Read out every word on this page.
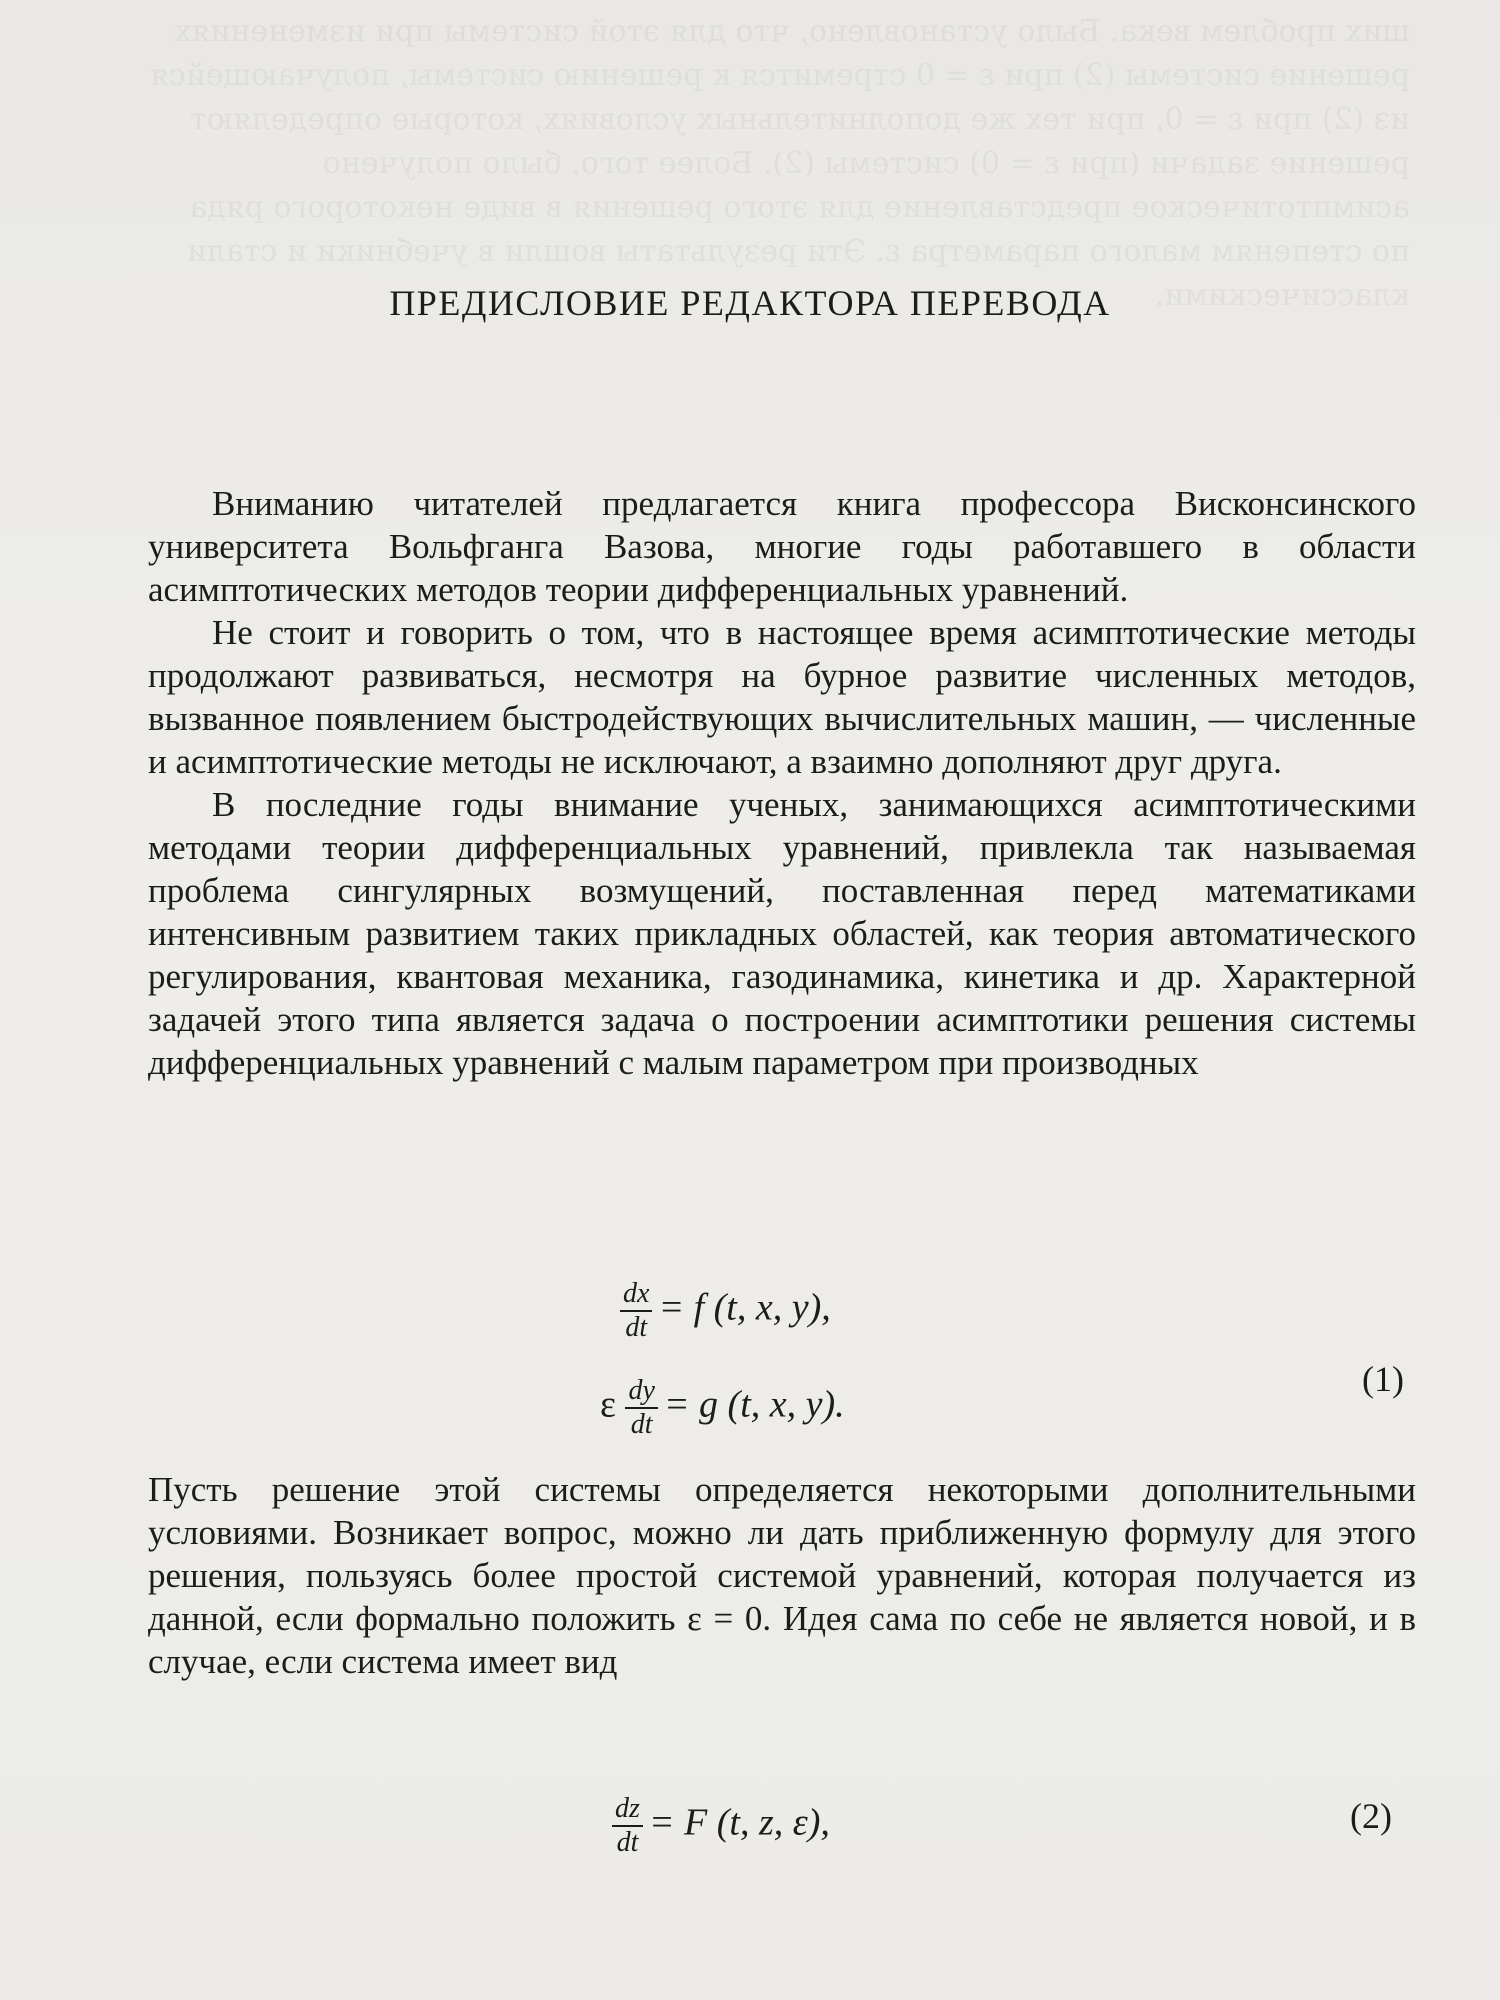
ших проблем века. Было установлено, что для этой системы при изменениях решение системы (2) при ε = 0 стремится к решению системы, получающейся из (2) при ε = 0, при тех же дополнительных условиях, которые определяют решение задачи (при ε = 0) системы (2). Более того, было получено асимптотическое представление для этого решения в виде некоторого ряда по степеням малого параметра ε. Эти результаты вошли в учебники и стали классическими.
ПРЕДИСЛОВИЕ РЕДАКТОРА ПЕРЕВОДА

Вниманию читателей предлагается книга профессора Висконсинского университета Вольфганга Вазова, многие годы работавшего в области асимптотических методов теории дифференциальных уравнений.

Не стоит и говорить о том, что в настоящее время асимптотические методы продолжают развиваться, несмотря на бурное развитие численных методов, вызванное появлением быстродействующих вычислительных машин, — численные и асимптотические методы не исключают, а взаимно дополняют друг друга.

В последние годы внимание ученых, занимающихся асимптотическими методами теории дифференциальных уравнений, привлекла так называемая проблема сингулярных возмущений, поставленная перед математиками интенсивным развитием таких прикладных областей, как теория автоматического регулирования, квантовая механика, газодинамика, кинетика и др. Характерной задачей этого типа является задача о построении асимптотики решения системы дифференциальных уравнений с малым параметром при производных

$\frac{dx}{dt} = f$ (t, x, y),
ε $\frac{dy}{dt} = g$ (t, x, y).
(1)

Пусть решение этой системы определяется некоторыми дополнительными условиями. Возникает вопрос, можно ли дать приближенную формулу для этого решения, пользуясь более простой системой уравнений, которая получается из данной, если формально положить ε = 0. Идея сама по себе не является новой, и в случае, если система имеет вид

$\frac{dz}{dt} = F$ (t, z, ε),	(2)
